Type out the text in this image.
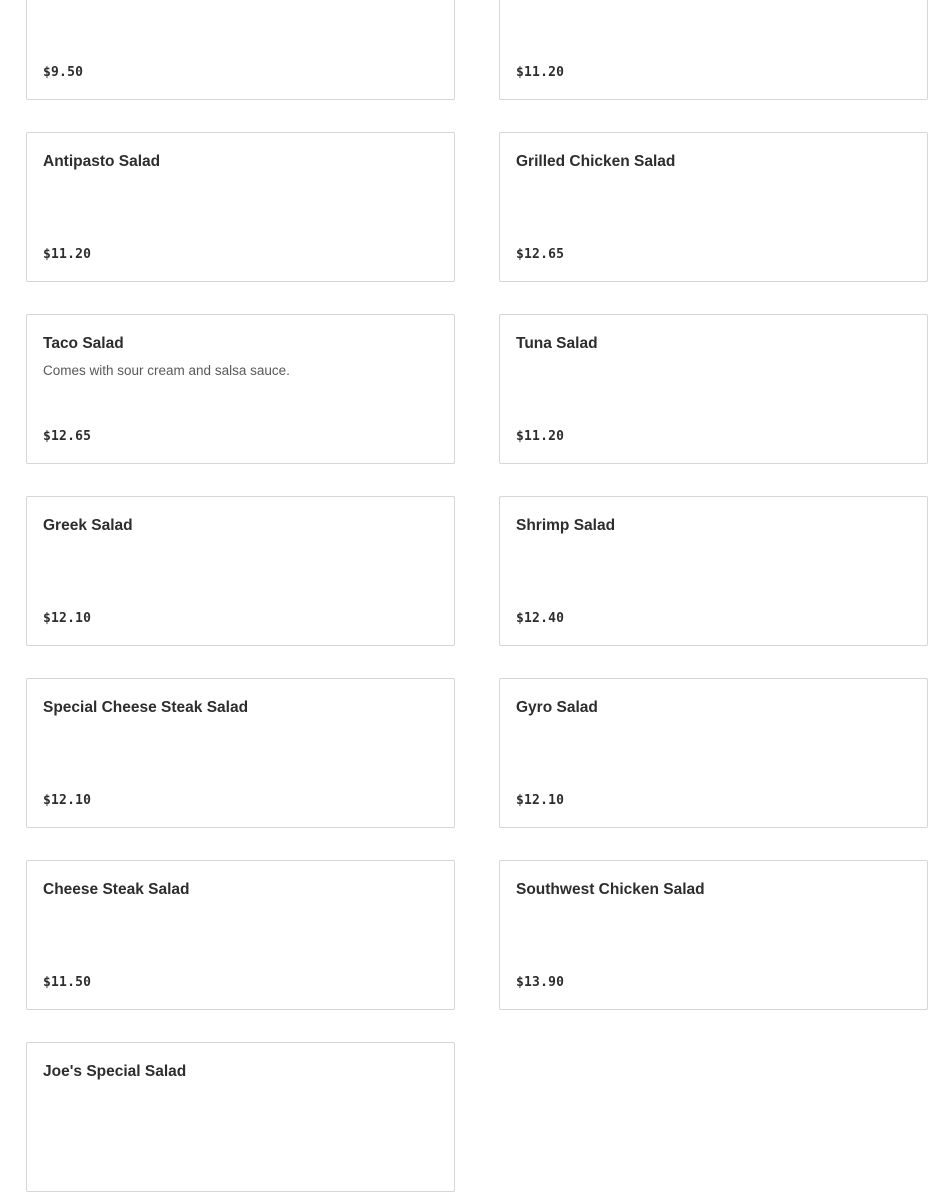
$9.50	$11.20
Antipasto Salad
$11.20
Grilled Chicken Salad
$12.65
Taco Salad
Comes with sour cream and salsa sauce.
$12.65
Tuna Salad
$11.20
Greek Salad
$12.10
Shrimp Salad
$12.40
Special Cheese Steak Salad
$12.10
Gyro Salad
$12.10
Cheese Steak Salad
$11.50
Southwest Chicken Salad
$13.90
Joe's Special Salad
